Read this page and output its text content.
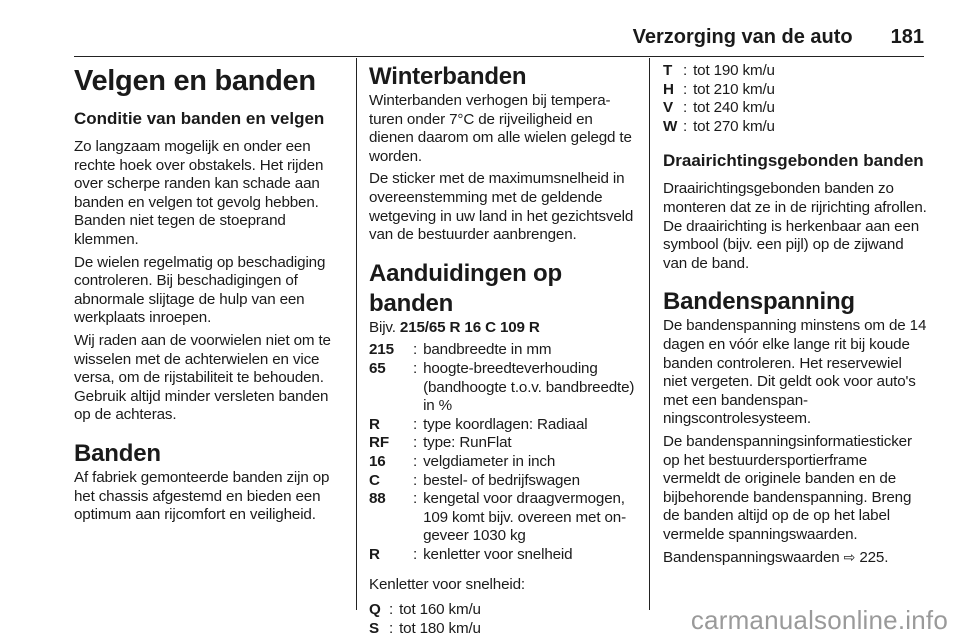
Verzorging van de auto 181
Velgen en banden
Conditie van banden en velgen

Zo langzaam mogelijk en onder een rechte hoek over obstakels. Het rijden over scherpe randen kan schade aan banden en velgen tot gevolg hebben. Banden niet tegen de stoeprand klemmen.

De wielen regelmatig op beschadiging controleren. Bij beschadigingen of abnormale slijtage de hulp van een werkplaats inroepen.

Wij raden aan de voorwielen niet om te wisselen met de achterwielen en vice versa, om de rijstabiliteit te behouden. Gebruik altijd minder versleten banden op de achteras.

Banden

Af fabriek gemonteerde banden zijn op het chassis afgestemd en bieden een optimum aan rijcomfort en veiligheid.

Winterbanden

Winterbanden verhogen bij temperaturen onder 7°C de rijveiligheid en dienen daarom om alle wielen gelegd te worden.

De sticker met de maximumsnelheid in overeenstemming met de geldende wetgeving in uw land in het gezichtsveld van de bestuurder aanbrengen.

Aanduidingen op banden

Bijv. 215/65 R 16 C 109 R

215	: bandbreedte in mm
65	: hoogte-breedteverhouding (bandhoogte t.o.v. bandbreedte) in %
R	: type koordlagen: Radiaal
RF	: type: RunFlat
16	: velgdiameter in inch
C	: bestel- of bedrijfswagen
88	: kengetal voor draagvermogen, 109 komt bijv. overeen met ongeveer 1030 kg
R	: kenletter voor snelheid

Kenletter voor snelheid:

Q : tot 160 km/u
S : tot 180 km/u
T : tot 190 km/u
H : tot 210 km/u
V : tot 240 km/u
W : tot 270 km/u
Draairichtingsgebonden banden

Draairichtingsgebonden banden zo monteren dat ze in de rijrichting afrollen. De draairichting is herkenbaar aan een symbool (bijv. een pijl) op de zijwand van de band.

Bandenspanning

De bandenspanning minstens om de 14 dagen en vóór elke lange rit bij koude banden controleren. Het reservewiel niet vergeten. Dit geldt ook voor auto's met een bandenspanningscontrolesysteem.

De bandenspanningsinformatiesticker op het bestuurdersportierframe vermeldt de originele banden en de bijbehorende bandenspanning. Breng de banden altijd op de op het label vermelde spanningswaarden.

Bandenspanningswaarden ⇨ 225.

carmanualsonline.info
